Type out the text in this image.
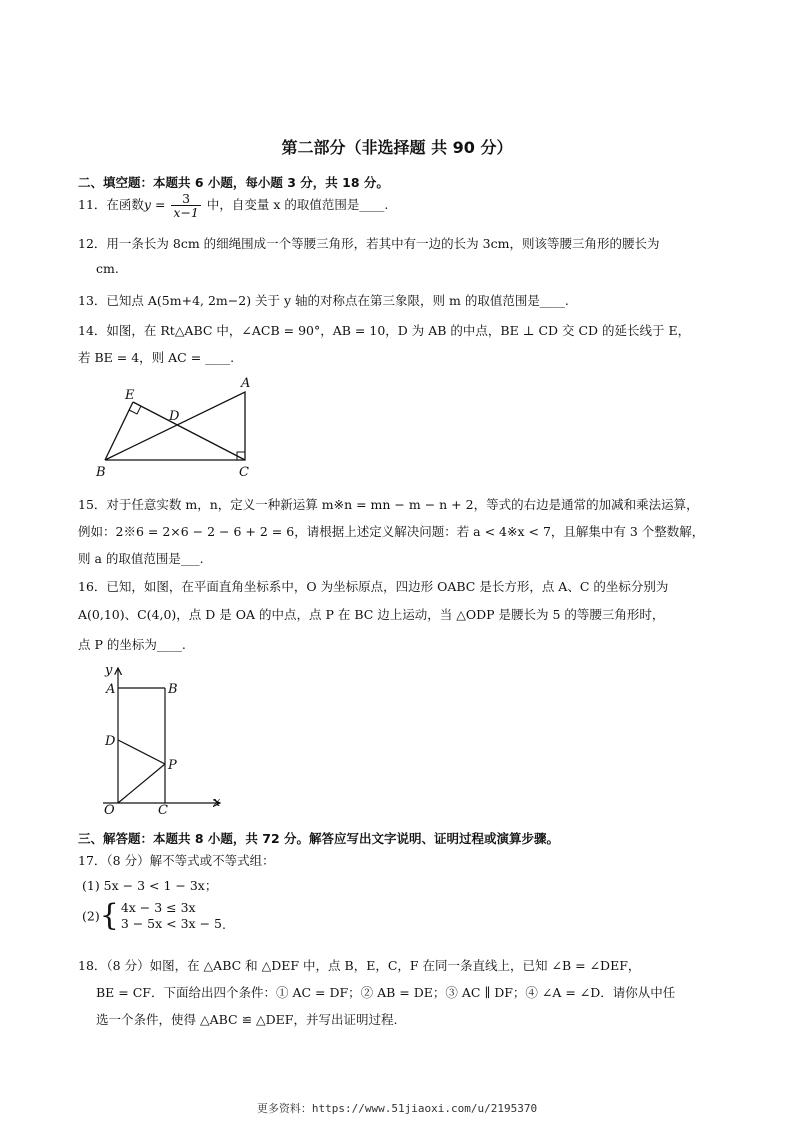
第二部分（非选择题 共 90 分）
二、填空题：本题共 6 小题，每小题 3 分，共 18 分。
11．在函数$y = \frac{3}{x-1}$ 中，自变量 x 的取值范围是____.
12．用一条长为 8cm 的细绳围成一个等腰三角形，若其中有一边的长为 3cm，则该等腰三角形的腰长为
cm.
13．已知点 A(5m+4, 2m−2) 关于 y 轴的对称点在第三象限，则 m 的取值范围是____.
14．如图，在 Rt△ABC 中，∠ACB = 90°，AB = 10，D 为 AB 的中点，BE ⊥ CD 交 CD 的延长线于 E，
若 BE = 4，则 AC = ____.
E
D
A
B	C
15．对于任意实数 m，n，定义一种新运算 m※n = mn − m − n + 2，等式的右边是通常的加减和乘法运算，
例如：2※6 = 2×6 − 2 − 6 + 2 = 6，请根据上述定义解决问题：若 a < 4※x < 7，且解集中有 3 个整数解，
则 a 的取值范围是___.
16．已知，如图，在平面直角坐标系中，O 为坐标原点，四边形 OABC 是长方形，点 A、C 的坐标分别为
A(0,10)、C(4,0)，点 D 是 OA 的中点，点 P 在 BC 边上运动，当 △ODP 是腰长为 5 的等腰三角形时，
点 P 的坐标为____.
y
x
A	B
D
P
O	C
三、解答题：本题共 8 小题，共 72 分。解答应写出文字说明、证明过程或演算步骤。
17．（8 分）解不等式或不等式组：
(1) 5x − 3 < 1 − 3x；
(2){ 4x − 3 ≤ 3x
3 − 5x < 3x − 5 .
18．（8 分）如图，在 △ABC 和 △DEF 中，点 B，E，C，F 在同一条直线上，已知 ∠B = ∠DEF，
BE = CF．下面给出四个条件：① AC = DF；② AB = DE；③ AC ∥ DF；④ ∠A = ∠D．请你从中任
选一个条件，使得 △ABC ≌ △DEF，并写出证明过程.
更多资料：https://www.51jiaoxi.com/u/2195370
